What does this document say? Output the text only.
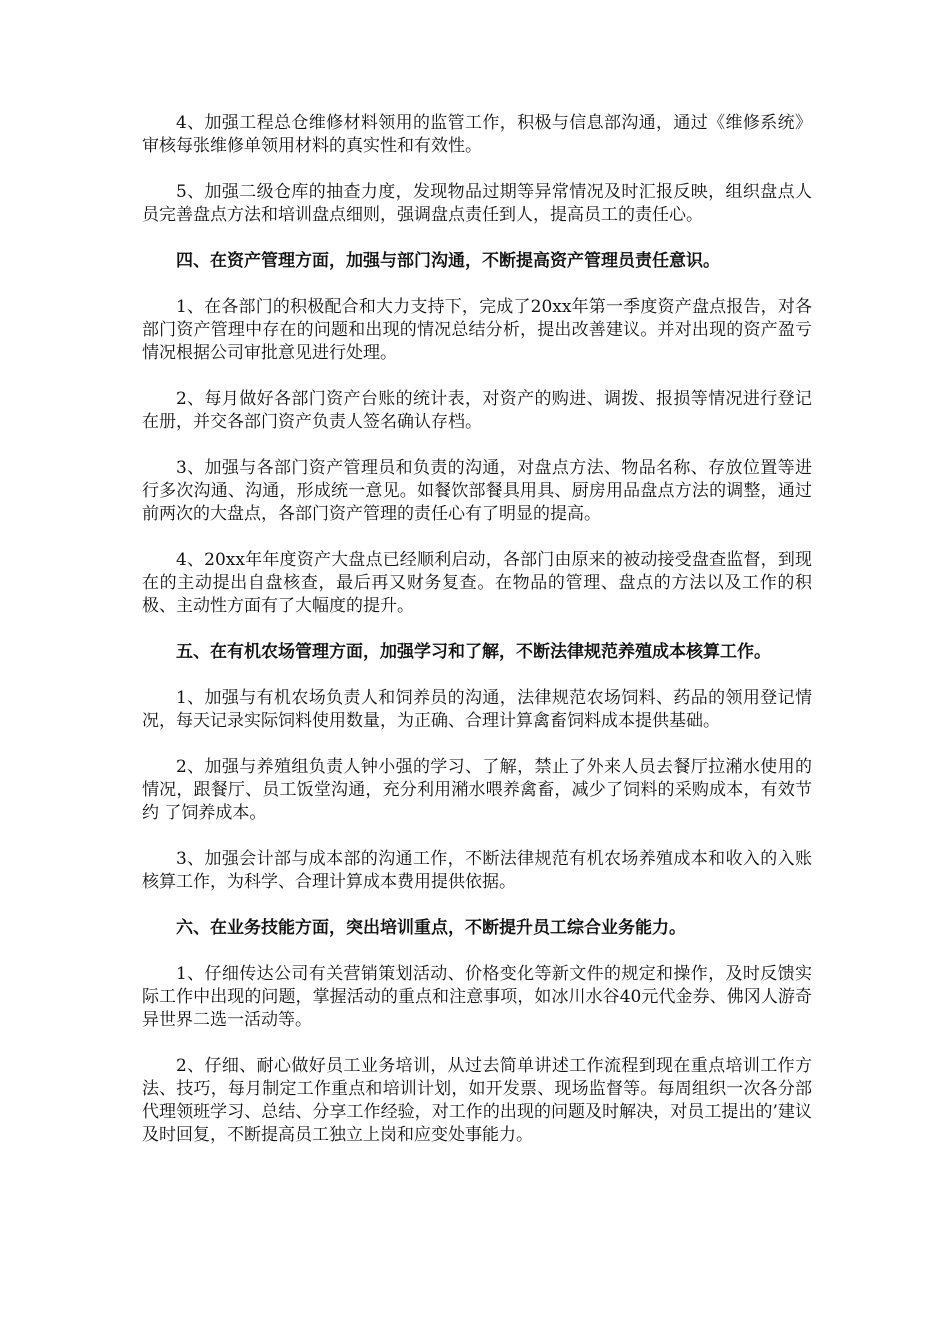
4、加强工程总仓维修材料领用的监管工作，积极与信息部沟通，通过《维修系统》审核每张维修单领用材料的真实性和有效性。

5、加强二级仓库的抽查力度，发现物品过期等异常情况及时汇报反映，组织盘点人员完善盘点方法和培训盘点细则，强调盘点责任到人，提高员工的责任心。

四、在资产管理方面，加强与部门沟通，不断提高资产管理员责任意识。

1、在各部门的积极配合和大力支持下，完成了20xx年第一季度资产盘点报告，对各部门资产管理中存在的问题和出现的情况总结分析，提出改善建议。并对出现的资产盈亏情况根据公司审批意见进行处理。

2、每月做好各部门资产台账的统计表，对资产的购进、调拨、报损等情况进行登记在册，并交各部门资产负责人签名确认存档。

3、加强与各部门资产管理员和负责的沟通，对盘点方法、物品名称、存放位置等进行多次沟通、沟通，形成统一意见。如餐饮部餐具用具、厨房用品盘点方法的调整，通过前两次的大盘点，各部门资产管理的责任心有了明显的提高。

4、20xx年年度资产大盘点已经顺利启动，各部门由原来的被动接受盘查监督，到现在的主动提出自盘核查，最后再又财务复查。在物品的管理、盘点的方法以及工作的积极、主动性方面有了大幅度的提升。

五、在有机农场管理方面，加强学习和了解，不断法律规范养殖成本核算工作。

1、加强与有机农场负责人和饲养员的沟通，法律规范农场饲料、药品的领用登记情况，每天记录实际饲料使用数量，为正确、合理计算禽畜饲料成本提供基础。

2、加强与养殖组负责人钟小强的学习、了解，禁止了外来人员去餐厅拉潲水使用的情况，跟餐厅、员工饭堂沟通，充分利用潲水喂养禽畜，减少了饲料的采购成本，有效节约 了饲养成本。

3、加强会计部与成本部的沟通工作，不断法律规范有机农场养殖成本和收入的入账核算工作，为科学、合理计算成本费用提供依据。

六、在业务技能方面，突出培训重点，不断提升员工综合业务能力。

1、仔细传达公司有关营销策划活动、价格变化等新文件的规定和操作，及时反馈实际工作中出现的问题，掌握活动的重点和注意事项，如冰川水谷40元代金券、佛冈人游奇异世界二选一活动等。

2、仔细、耐心做好员工业务培训，从过去简单讲述工作流程到现在重点培训工作方法、技巧，每月制定工作重点和培训计划，如开发票、现场监督等。每周组织一次各分部代理领班学习、总结、分享工作经验，对工作的出现的问题及时解决，对员工提出的’建议及时回复，不断提高员工独立上岗和应变处事能力。
